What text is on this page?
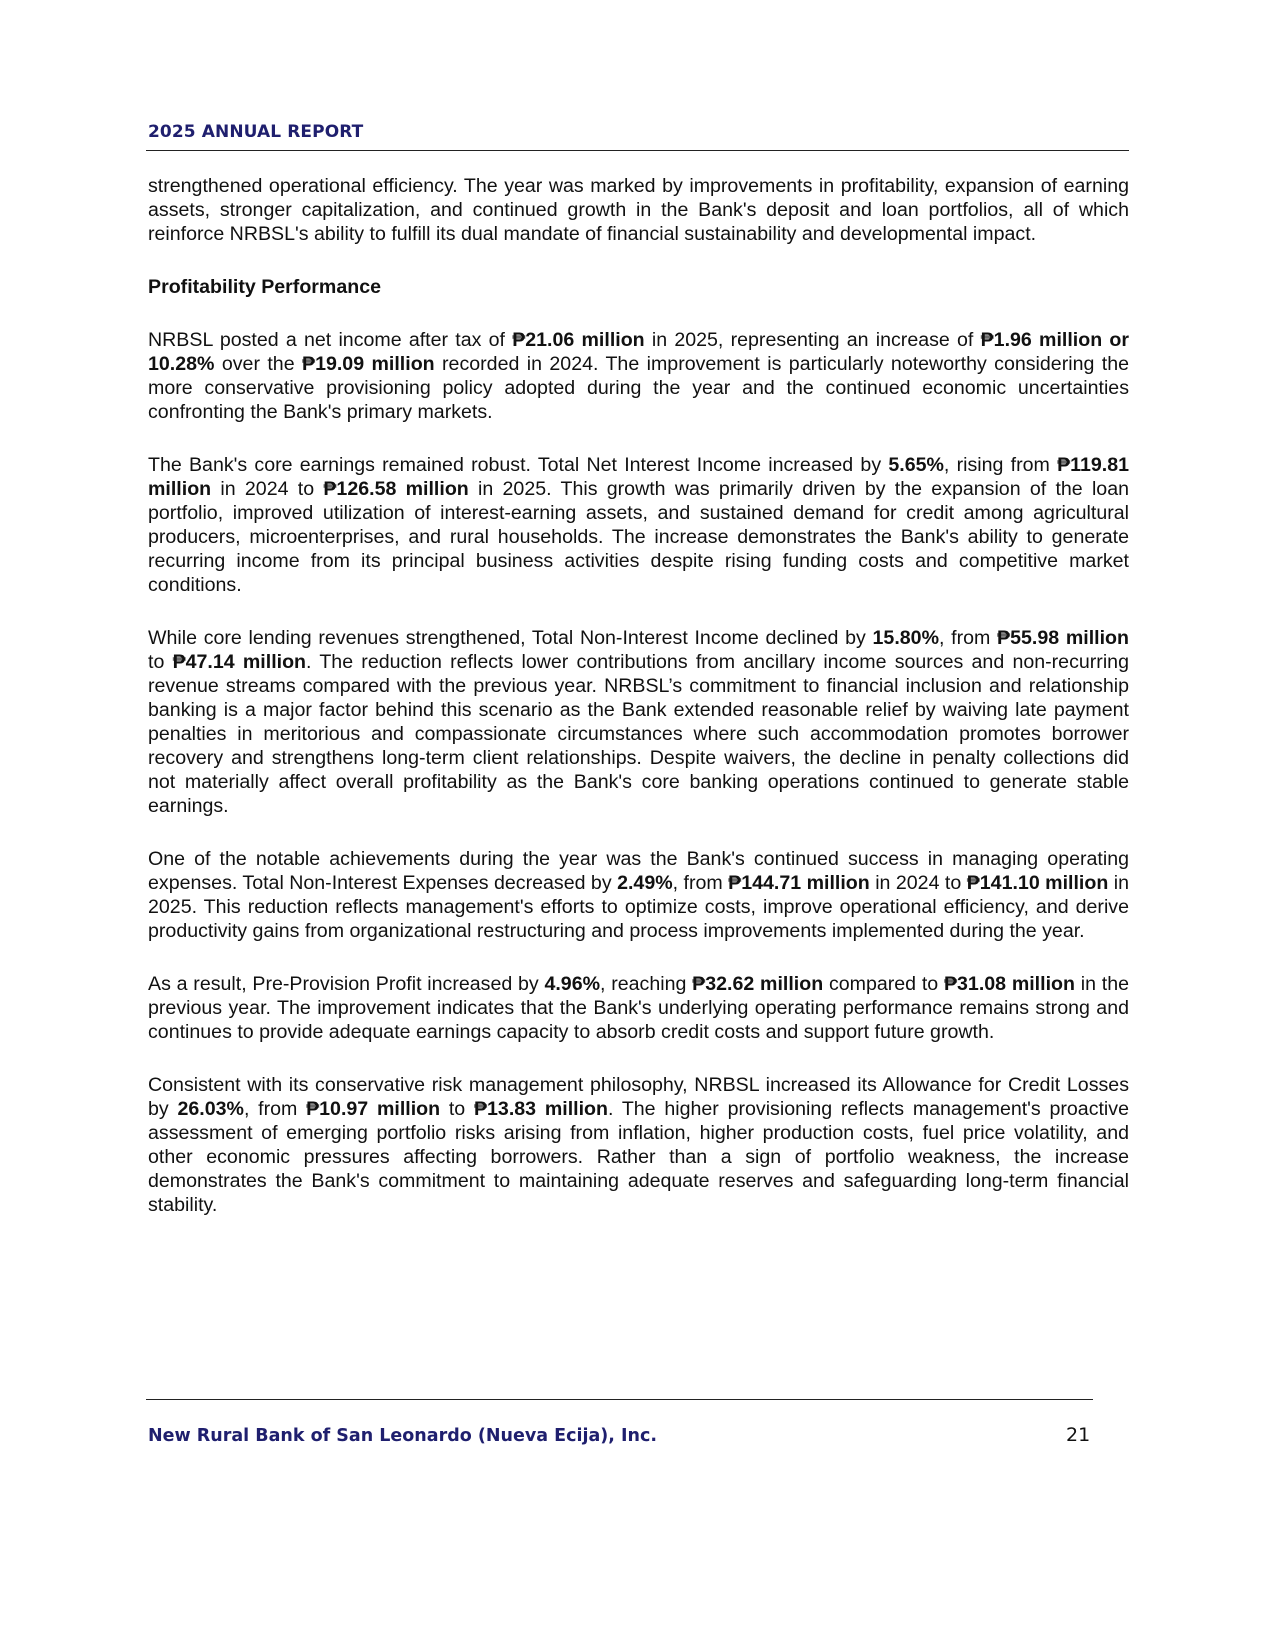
2025 ANNUAL REPORT

strengthened operational efficiency. The year was marked by improvements in profitability, expansion of earning assets, stronger capitalization, and continued growth in the Bank's deposit and loan portfolios, all of which reinforce NRBSL's ability to fulfill its dual mandate of financial sustainability and developmental impact.

Profitability Performance

NRBSL posted a net income after tax of ₱21.06 million in 2025, representing an increase of ₱1.96 million or 10.28% over the ₱19.09 million recorded in 2024. The improvement is particularly noteworthy considering the more conservative provisioning policy adopted during the year and the continued economic uncertainties confronting the Bank's primary markets.

The Bank's core earnings remained robust. Total Net Interest Income increased by 5.65%, rising from ₱119.81 million in 2024 to ₱126.58 million in 2025. This growth was primarily driven by the expansion of the loan portfolio, improved utilization of interest-earning assets, and sustained demand for credit among agricultural producers, microenterprises, and rural households. The increase demonstrates the Bank's ability to generate recurring income from its principal business activities despite rising funding costs and competitive market conditions.

While core lending revenues strengthened, Total Non-Interest Income declined by 15.80%, from ₱55.98 million to ₱47.14 million. The reduction reflects lower contributions from ancillary income sources and non-recurring revenue streams compared with the previous year. NRBSL’s commitment to financial inclusion and relationship banking is a major factor behind this scenario as the Bank extended reasonable relief by waiving late payment penalties in meritorious and compassionate circumstances where such accommodation promotes borrower recovery and strengthens long-term client relationships. Despite waivers, the decline in penalty collections did not materially affect overall profitability as the Bank's core banking operations continued to generate stable earnings.

One of the notable achievements during the year was the Bank's continued success in managing operating expenses. Total Non-Interest Expenses decreased by 2.49%, from ₱144.71 million in 2024 to ₱141.10 million in 2025. This reduction reflects management's efforts to optimize costs, improve operational efficiency, and derive productivity gains from organizational restructuring and process improvements implemented during the year.

As a result, Pre-Provision Profit increased by 4.96%, reaching ₱32.62 million compared to ₱31.08 million in the previous year. The improvement indicates that the Bank's underlying operating performance remains strong and continues to provide adequate earnings capacity to absorb credit costs and support future growth.

Consistent with its conservative risk management philosophy, NRBSL increased its Allowance for Credit Losses by 26.03%, from ₱10.97 million to ₱13.83 million. The higher provisioning reflects management's proactive assessment of emerging portfolio risks arising from inflation, higher production costs, fuel price volatility, and other economic pressures affecting borrowers. Rather than a sign of portfolio weakness, the increase demonstrates the Bank's commitment to maintaining adequate reserves and safeguarding long-term financial stability.

New Rural Bank of San Leonardo (Nueva Ecija), Inc.	21
